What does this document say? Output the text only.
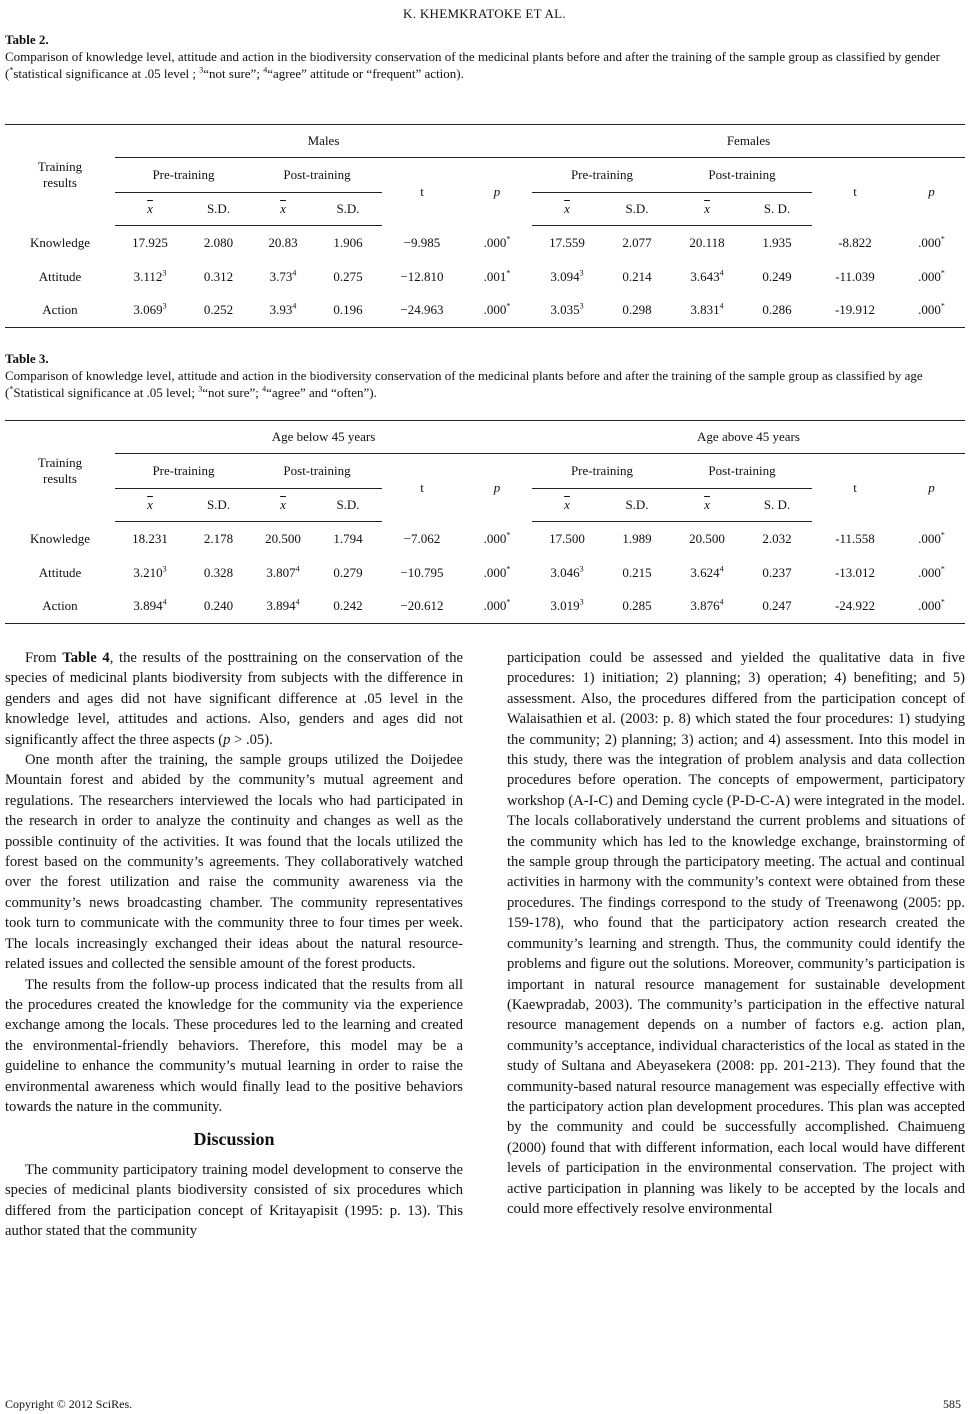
K. KHEMKRATOKE ET AL.
Table 2.
Comparison of knowledge level, attitude and action in the biodiversity conservation of the medicinal plants before and after the training of the sample group as classified by gender (*statistical significance at .05 level ; $^3$“not sure”; $^4$“agree” attitude or “frequent” action).
Training
results	Males						Females					
	Pre-training		Post-training		t	p	Pre-training		Post-training		t	p
	$\overline{x}$	S.D.	$\overline{x}$	S.D.			$\overline{x}$	S.D.	$\overline{x}$	S. D.		
Knowledge	17.925	2.080	20.83	1.906	−9.985	.000*	17.559	2.077	20.118	1.935	-8.822	.000*
Attitude	3.112$^3$	0.312	3.73$^4$	0.275	−12.810	.001*	3.094$^3$	0.214	3.643$^4$	0.249	-11.039	.000*
Action	3.069$^3$	0.252	3.93$^4$	0.196	−24.963	.000*	3.035$^3$	0.298	3.831$^4$	0.286	-19.912	.000*
Table 3.
Comparison of knowledge level, attitude and action in the biodiversity conservation of the medicinal plants before and after the training of the sample group as classified by age (*Statistical significance at .05 level; $^3$“not sure”; $^4$“agree” and “often”).
Training
results	Age below 45 years						Age above 45 years					
	Pre-training		Post-training		t	p	Pre-training		Post-training		t	p
	$\overline{x}$	S.D.	$\overline{x}$	S.D.			$\overline{x}$	S.D.	$\overline{x}$	S. D.		
Knowledge	18.231	2.178	20.500	1.794	−7.062	.000*	17.500	1.989	20.500	2.032	-11.558	.000*
Attitude	3.210$^3$	0.328	3.807$^4$	0.279	−10.795	.000*	3.046$^3$	0.215	3.624$^4$	0.237	-13.012	.000*
Action	3.894$^4$	0.240	3.894$^4$	0.242	−20.612	.000*	3.019$^3$	0.285	3.876$^4$	0.247	-24.922	.000*

From Table 4, the results of the posttraining on the conservation of the species of medicinal plants biodiversity from subjects with the difference in genders and ages did not have significant difference at .05 level in the knowledge level, attitudes and actions. Also, genders and ages did not significantly affect the three aspects (p > .05).

One month after the training, the sample groups utilized the Doijedee Mountain forest and abided by the community’s mutual agreement and regulations. The researchers interviewed the locals who had participated in the research in order to analyze the continuity and changes as well as the possible continuity of the activities. It was found that the locals utilized the forest based on the community’s agreements. They collaboratively watched over the forest utilization and raise the community awareness via the community’s news broadcasting chamber. The community representatives took turn to communicate with the community three to four times per week. The locals increasingly exchanged their ideas about the natural resource-related issues and collected the sensible amount of the forest products.

The results from the follow-up process indicated that the results from all the procedures created the knowledge for the community via the experience exchange among the locals. These procedures led to the learning and created the environmental-friendly behaviors. Therefore, this model may be a guideline to enhance the community’s mutual learning in order to raise the environmental awareness which would finally lead to the positive behaviors towards the nature in the community.

Discussion

The community participatory training model development to conserve the species of medicinal plants biodiversity consisted of six procedures which differed from the participation concept of Kritayapisit (1995: p. 13). This author stated that the community

participation could be assessed and yielded the qualitative data in five procedures: 1) initiation; 2) planning; 3) operation; 4) benefiting; and 5) assessment. Also, the procedures differed from the participation concept of Walaisathien et al. (2003: p. 8) which stated the four procedures: 1) studying the community; 2) planning; 3) action; and 4) assessment. Into this model in this study, there was the integration of problem analysis and data collection procedures before operation. The concepts of empowerment, participatory workshop (A-I-C) and Deming cycle (P-D-C-A) were integrated in the model. The locals collaboratively understand the current problems and situations of the community which has led to the knowledge exchange, brainstorming of the sample group through the participatory meeting. The actual and continual activities in harmony with the community’s context were obtained from these procedures. The findings correspond to the study of Treenawong (2005: pp. 159-178), who found that the participatory action research created the community’s learning and strength. Thus, the community could identify the problems and figure out the solutions. Moreover, community’s participation is important in natural resource management for sustainable development (Kaewpradab, 2003). The community’s participation in the effective natural resource management depends on a number of factors e.g. action plan, community’s acceptance, individual characteristics of the local as stated in the study of Sultana and Abeyasekera (2008: pp. 201-213). They found that the community-based natural resource management was especially effective with the participatory action plan development procedures. This plan was accepted by the community and could be successfully accomplished. Chaimueng (2000) found that with different information, each local would have different levels of participation in the environmental conservation. The project with active participation in planning was likely to be accepted by the locals and could more effectively resolve environmental

Copyright © 2012 SciRes.	585
